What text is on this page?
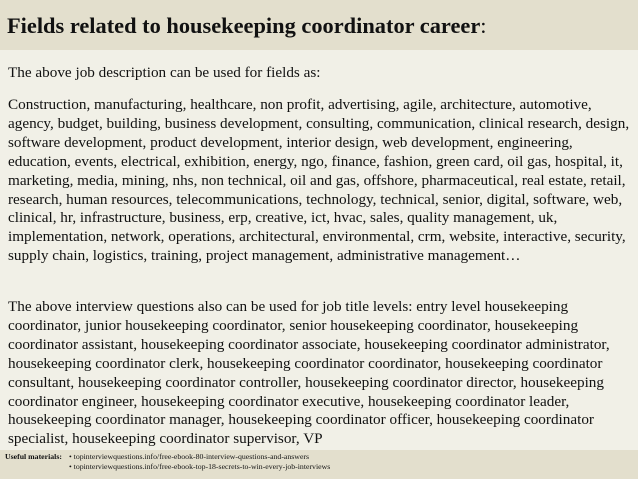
Fields related to housekeeping coordinator career:

The above job description can be used for fields as:

Construction, manufacturing, healthcare, non profit, advertising, agile, architecture, automotive, agency, budget, building, business development, consulting, communication, clinical research, design, software development, product development, interior design, web development, engineering, education, events, electrical, exhibition, energy, ngo, finance, fashion, green card, oil gas, hospital, it, marketing, media, mining, nhs, non technical, oil and gas, offshore, pharmaceutical, real estate, retail, research, human resources, telecommunications, technology, technical, senior, digital, software, web, clinical, hr, infrastructure, business, erp, creative, ict, hvac, sales, quality management, uk, implementation, network, operations, architectural, environmental, crm, website, interactive, security, supply chain, logistics, training, project management, administrative management…

The above interview questions also can be used for job title levels: entry level housekeeping coordinator, junior housekeeping coordinator, senior housekeeping coordinator, housekeeping coordinator assistant, housekeeping coordinator associate, housekeeping coordinator administrator, housekeeping coordinator clerk, housekeeping coordinator coordinator, housekeeping coordinator consultant, housekeeping coordinator controller, housekeeping coordinator director, housekeeping coordinator engineer, housekeeping coordinator executive, housekeeping coordinator leader, housekeeping coordinator manager, housekeeping coordinator officer, housekeeping coordinator specialist, housekeeping coordinator supervisor, VP

Useful materials: • topinterviewquestions.info/free-ebook-80-interview-questions-and-answers
• topinterviewquestions.info/free-ebook-top-18-secrets-to-win-every-job-interviews
